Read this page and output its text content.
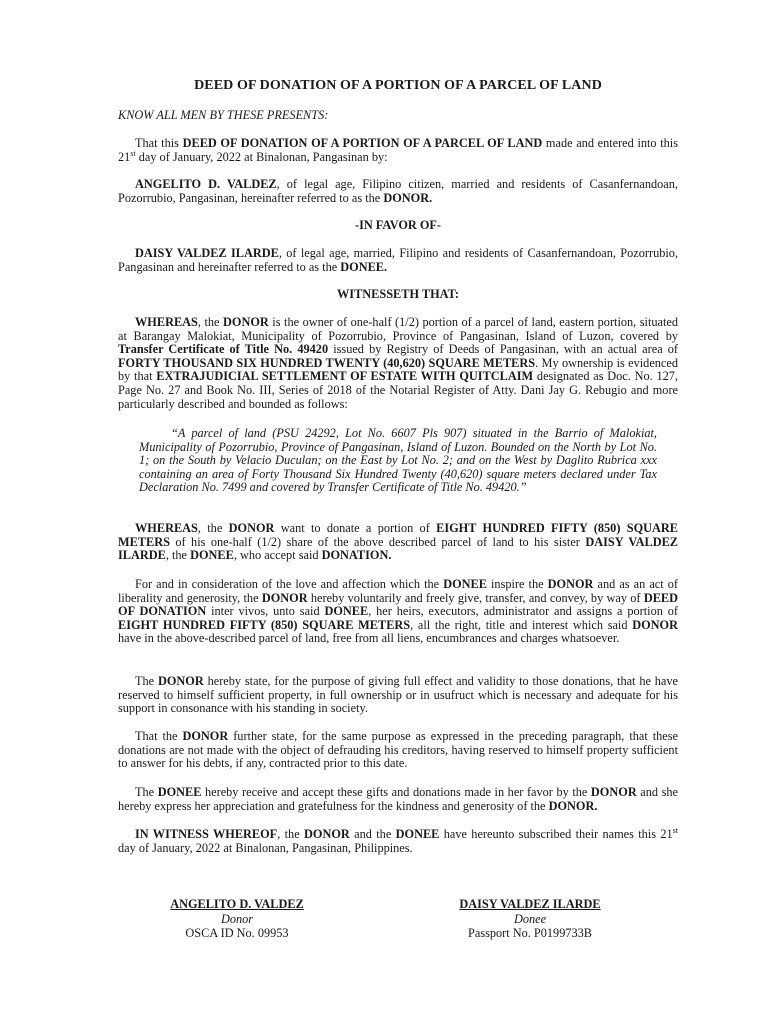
DEED OF DONATION OF A PORTION OF A PARCEL OF LAND
KNOW ALL MEN BY THESE PRESENTS:
That this DEED OF DONATION OF A PORTION OF A PARCEL OF LAND made and entered into this 21st day of January, 2022 at Binalonan, Pangasinan by:
ANGELITO D. VALDEZ, of legal age, Filipino citizen, married and residents of Casanfernandoan, Pozorrubio, Pangasinan, hereinafter referred to as the DONOR.
-IN FAVOR OF-
DAISY VALDEZ ILARDE, of legal age, married, Filipino and residents of Casanfernandoan, Pozorrubio, Pangasinan and hereinafter referred to as the DONEE.
WITNESSETH THAT:
WHEREAS, the DONOR is the owner of one-half (1/2) portion of a parcel of land, eastern portion, situated at Barangay Malokiat, Municipality of Pozorrubio, Province of Pangasinan, Island of Luzon, covered by Transfer Certificate of Title No. 49420 issued by Registry of Deeds of Pangasinan, with an actual area of FORTY THOUSAND SIX HUNDRED TWENTY (40,620) SQUARE METERS. My ownership is evidenced by that EXTRAJUDICIAL SETTLEMENT OF ESTATE WITH QUITCLAIM designated as Doc. No. 127, Page No. 27 and Book No. III, Series of 2018 of the Notarial Register of Atty. Dani Jay G. Rebugio and more particularly described and bounded as follows:
“A parcel of land (PSU 24292, Lot No. 6607 Pls 907) situated in the Barrio of Malokiat, Municipality of Pozorrubio, Province of Pangasinan, Island of Luzon. Bounded on the North by Lot No. 1; on the South by Velacio Duculan; on the East by Lot No. 2; and on the West by Daglito Rubrica xxx containing an area of Forty Thousand Six Hundred Twenty (40,620) square meters declared under Tax Declaration No. 7499 and covered by Transfer Certificate of Title No. 49420.”
WHEREAS, the DONOR want to donate a portion of EIGHT HUNDRED FIFTY (850) SQUARE METERS of his one-half (1/2) share of the above described parcel of land to his sister DAISY VALDEZ ILARDE, the DONEE, who accept said DONATION.
For and in consideration of the love and affection which the DONEE inspire the DONOR and as an act of liberality and generosity, the DONOR hereby voluntarily and freely give, transfer, and convey, by way of DEED OF DONATION inter vivos, unto said DONEE, her heirs, executors, administrator and assigns a portion of EIGHT HUNDRED FIFTY (850) SQUARE METERS, all the right, title and interest which said DONOR have in the above-described parcel of land, free from all liens, encumbrances and charges whatsoever.
The DONOR hereby state, for the purpose of giving full effect and validity to those donations, that he have reserved to himself sufficient property, in full ownership or in usufruct which is necessary and adequate for his support in consonance with his standing in society.
That the DONOR further state, for the same purpose as expressed in the preceding paragraph, that these donations are not made with the object of defrauding his creditors, having reserved to himself property sufficient to answer for his debts, if any, contracted prior to this date.
The DONEE hereby receive and accept these gifts and donations made in her favor by the DONOR and she hereby express her appreciation and gratefulness for the kindness and generosity of the DONOR.
IN WITNESS WHEREOF, the DONOR and the DONEE have hereunto subscribed their names this 21st day of January, 2022 at Binalonan, Pangasinan, Philippines.
ANGELITO D. VALDEZ
Donor
OSCA ID No. 09953
DAISY VALDEZ ILARDE
Donee
Passport No. P0199733B
